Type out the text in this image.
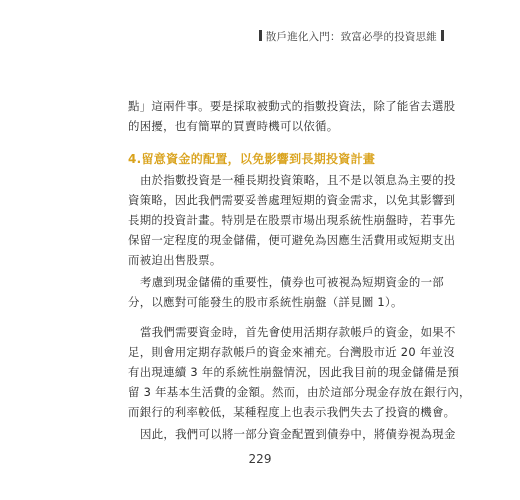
散戶進化入門：致富必學的投資思維
點」這兩件事。要是採取被動式的指數投資法，除了能省去選股
的困擾，也有簡單的買賣時機可以依循。
4.留意資金的配置，以免影響到長期投資計畫
由於指數投資是一種長期投資策略，且不是以領息為主要的投
資策略，因此我們需要妥善處理短期的資金需求，以免其影響到
長期的投資計畫。特別是在股票市場出現系統性崩盤時，若事先
保留一定程度的現金儲備，便可避免為因應生活費用或短期支出
而被迫出售股票。
考慮到現金儲備的重要性，債券也可被視為短期資金的一部
分，以應對可能發生的股市系統性崩盤（詳見圖 1）。
當我們需要資金時，首先會使用活期存款帳戶的資金，如果不
足，則會用定期存款帳戶的資金來補充。台灣股市近 20 年並沒
有出現連續 3 年的系統性崩盤情況，因此我目前的現金儲備是預
留 3 年基本生活費的金額。然而，由於這部分現金存放在銀行內，
而銀行的利率較低，某種程度上也表示我們失去了投資的機會。
因此，我們可以將一部分資金配置到債券中，將債券視為現金
229
